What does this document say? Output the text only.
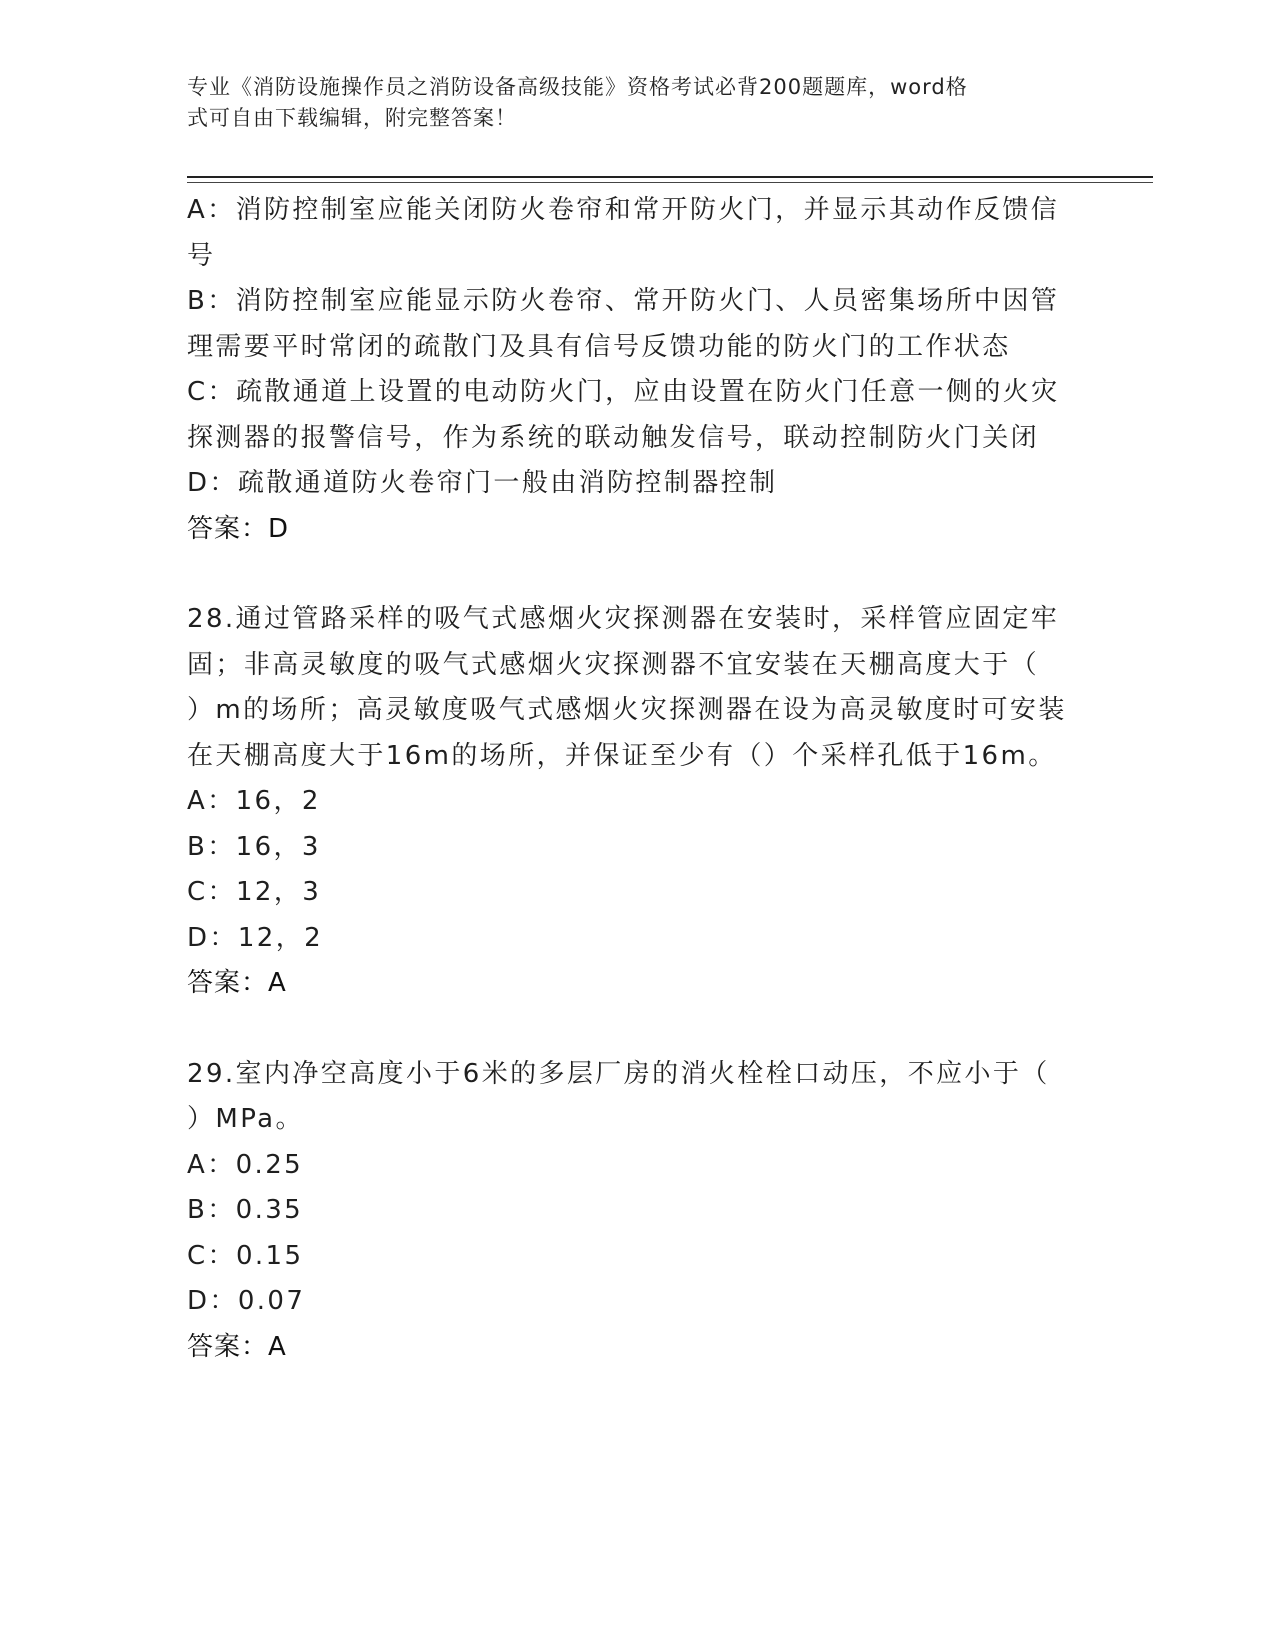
专业《消防设施操作员之消防设备高级技能》资格考试必背200题题库，word格
式可自由下载编辑，附完整答案！
A：消防控制室应能关闭防火卷帘和常开防火门，并显示其动作反馈信
号
B：消防控制室应能显示防火卷帘、常开防火门、人员密集场所中因管
理需要平时常闭的疏散门及具有信号反馈功能的防火门的工作状态
C：疏散通道上设置的电动防火门，应由设置在防火门任意一侧的火灾
探测器的报警信号，作为系统的联动触发信号，联动控制防火门关闭
D：疏散通道防火卷帘门一般由消防控制器控制
答案：D
28.通过管路采样的吸气式感烟火灾探测器在安装时，采样管应固定牢
固；非高灵敏度的吸气式感烟火灾探测器不宜安装在天棚高度大于（
）m的场所；高灵敏度吸气式感烟火灾探测器在设为高灵敏度时可安装
在天棚高度大于16m的场所，并保证至少有（）个采样孔低于16m。
A：16，2
B：16，3
C：12，3
D：12，2
答案：A
29.室内净空高度小于6米的多层厂房的消火栓栓口动压，不应小于（
）MPa。
A：0.25
B：0.35
C：0.15
D：0.07
答案：A
